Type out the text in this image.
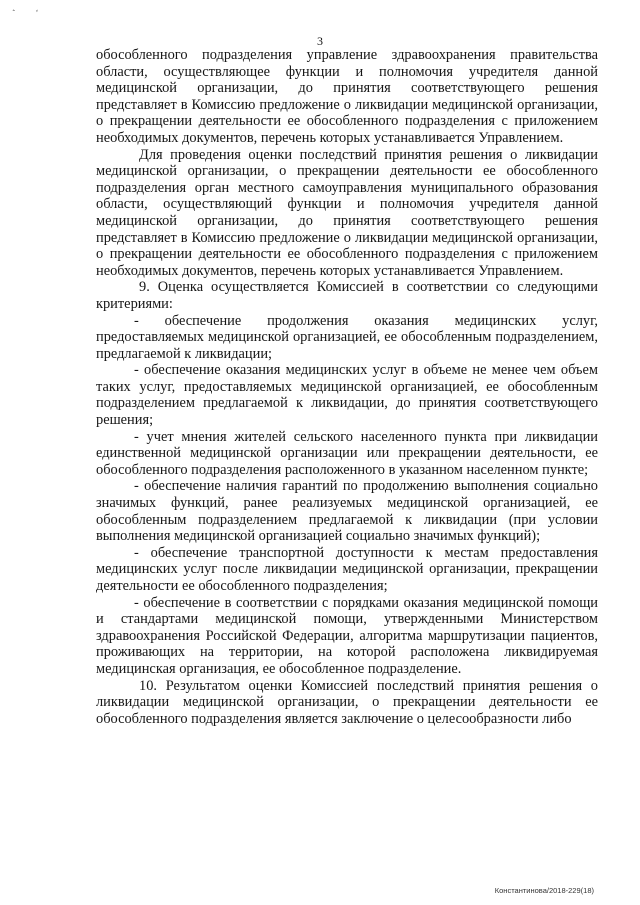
` ˊ
3

обособленного подразделения управление здравоохранения правительства области, осуществляющее функции и полномочия учредителя данной медицинской организации, до принятия соответствующего решения представляет в Комиссию предложение о ликвидации медицинской организации, о прекращении деятельности ее обособленного подразделения с приложением необходимых документов, перечень которых устанавливается Управлением.

Для проведения оценки последствий принятия решения о ликвидации медицинской организации, о прекращении деятельности ее обособленного подразделения орган местного самоуправления муниципального образования области, осуществляющий функции и полномочия учредителя данной медицинской организации, до принятия соответствующего решения представляет в Комиссию предложение о ликвидации медицинской организации, о прекращении деятельности ее обособленного подразделения с приложением необходимых документов, перечень которых устанавливается Управлением.

9. Оценка осуществляется Комиссией в соответствии со следующими критериями:

- обеспечение продолжения оказания медицинских услуг, предоставляемых медицинской организацией, ее обособленным подразделением, предлагаемой к ликвидации;

- обеспечение оказания медицинских услуг в объеме не менее чем объем таких услуг, предоставляемых медицинской организацией, ее обособленным подразделением предлагаемой к ликвидации, до принятия соответствующего решения;

- учет мнения жителей сельского населенного пункта при ликвидации единственной медицинской организации или прекращении деятельности, ее обособленного подразделения расположенного в указанном населенном пункте;

- обеспечение наличия гарантий по продолжению выполнения социально значимых функций, ранее реализуемых медицинской организацией, ее обособленным подразделением предлагаемой к ликвидации (при условии выполнения медицинской организацией социально значимых функций);

- обеспечение транспортной доступности к местам предоставления медицинских услуг после ликвидации медицинской организации, прекращении деятельности ее обособленного подразделения;

- обеспечение в соответствии с порядками оказания медицинской помощи и стандартами медицинской помощи, утвержденными Министерством здравоохранения Российской Федерации, алгоритма маршрутизации пациентов, проживающих на территории, на которой расположена ликвидируемая медицинская организация, ее обособленное подразделение.

10. Результатом оценки Комиссией последствий принятия решения о ликвидации медицинской организации, о прекращении деятельности ее обособленного подразделения является заключение о целесообразности либо

Константинова/2018-229(18)
